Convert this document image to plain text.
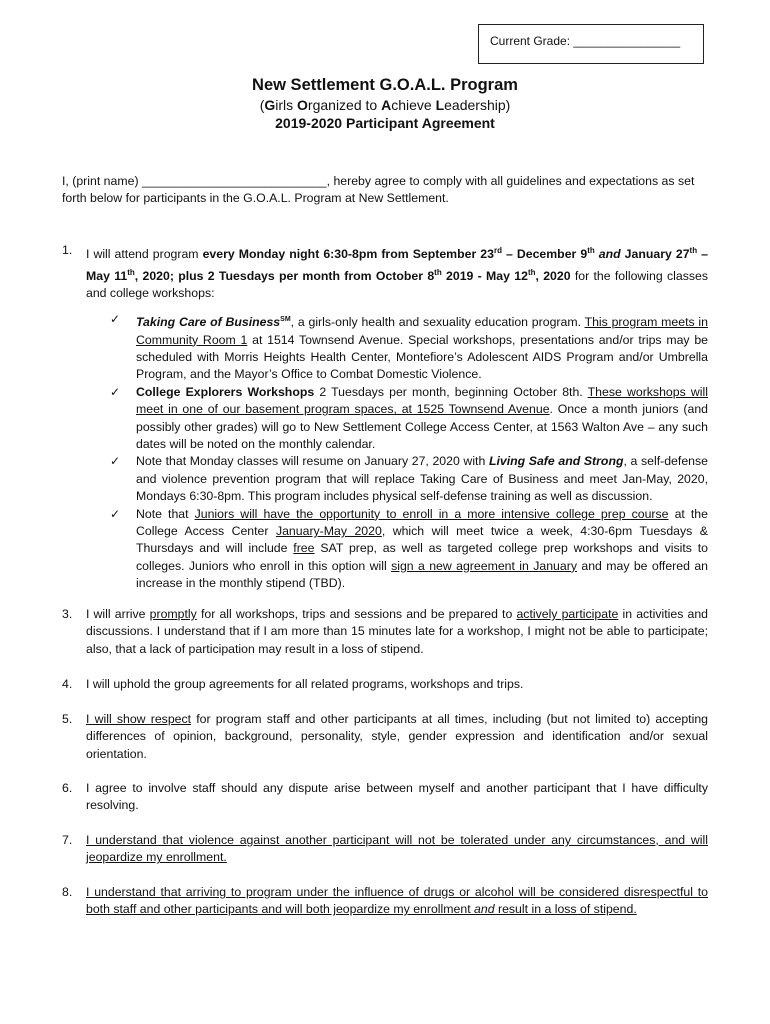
Current Grade: ________________
New Settlement G.O.A.L. Program
(Girls Organized to Achieve Leadership)
2019-2020 Participant Agreement
I, (print name) ___________________________, hereby agree to comply with all guidelines and expectations as set forth below for participants in the G.O.A.L. Program at New Settlement.
1.	I will attend program every Monday night 6:30-8pm from September 23rd – December 9th and January 27th – May 11th, 2020; plus 2 Tuesdays per month from October 8th 2019 - May 12th, 2020 for the following classes and college workshops:
✓ Taking Care of Business℠, a girls-only health and sexuality education program. This program meets in Community Room 1 at 1514 Townsend Avenue. Special workshops, presentations and/or trips may be scheduled with Morris Heights Health Center, Montefiore’s Adolescent AIDS Program and/or Umbrella Program, and the Mayor’s Office to Combat Domestic Violence.
✓ College Explorers Workshops 2 Tuesdays per month, beginning October 8th. These workshops will meet in one of our basement program spaces, at 1525 Townsend Avenue. Once a month juniors (and possibly other grades) will go to New Settlement College Access Center, at 1563 Walton Ave – any such dates will be noted on the monthly calendar.
✓ Note that Monday classes will resume on January 27, 2020 with Living Safe and Strong, a self-defense and violence prevention program that will replace Taking Care of Business and meet Jan-May, 2020, Mondays 6:30-8pm. This program includes physical self-defense training as well as discussion.
✓ Note that Juniors will have the opportunity to enroll in a more intensive college prep course at the College Access Center January-May 2020, which will meet twice a week, 4:30-6pm Tuesdays & Thursdays and will include free SAT prep, as well as targeted college prep workshops and visits to colleges. Juniors who enroll in this option will sign a new agreement in January and may be offered an increase in the monthly stipend (TBD).
3.	I will arrive promptly for all workshops, trips and sessions and be prepared to actively participate in activities and discussions. I understand that if I am more than 15 minutes late for a workshop, I might not be able to participate; also, that a lack of participation may result in a loss of stipend.
4.	I will uphold the group agreements for all related programs, workshops and trips.
5.	I will show respect for program staff and other participants at all times, including (but not limited to) accepting differences of opinion, background, personality, style, gender expression and identification and/or sexual orientation.
6.	I agree to involve staff should any dispute arise between myself and another participant that I have difficulty resolving.
7.	I understand that violence against another participant will not be tolerated under any circumstances, and will jeopardize my enrollment.
8.	I understand that arriving to program under the influence of drugs or alcohol will be considered disrespectful to both staff and other participants and will both jeopardize my enrollment and result in a loss of stipend.
